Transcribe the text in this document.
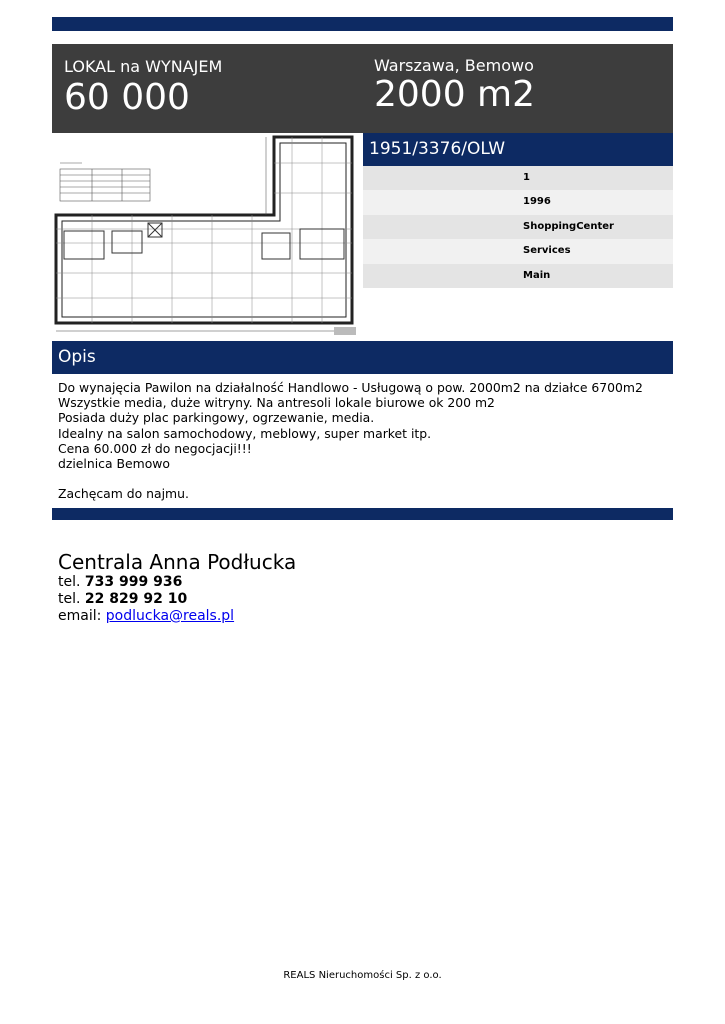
LOKAL na WYNAJEM
60 000
Warszawa, Bemowo
2000 m2
1951/3376/OLW
1
1996
ShoppingCenter
Services
Main
Opis
Do wynajęcia Pawilon na działalność Handlowo - Usługową o pow. 2000m2 na działce 6700m2
Wszystkie media, duże witryny. Na antresoli lokale biurowe ok 200 m2
Posiada duży plac parkingowy, ogrzewanie, media.
Idealny na salon samochodowy, meblowy, super market itp.
Cena 60.000 zł do negocjacji!!!
dzielnica Bemowo
Zachęcam do najmu.
Centrala Anna Podłucka
tel. 733 999 936
tel. 22 829 92 10
email: podlucka@reals.pl
REALS Nieruchomości Sp. z o.o.
